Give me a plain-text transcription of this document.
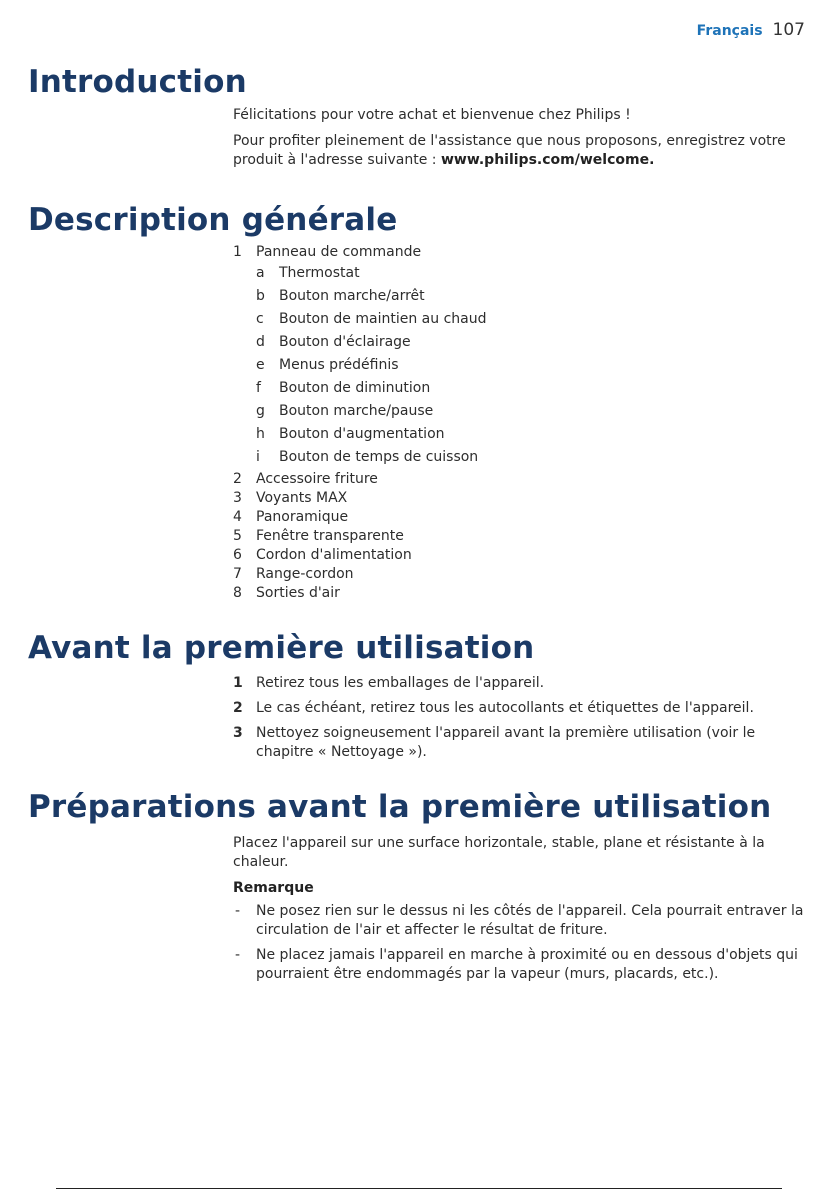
Français 107
Introduction

Félicitations pour votre achat et bienvenue chez Philips !

Pour profiter pleinement de l'assistance que nous proposons, enregistrez votre produit à l'adresse suivante : www.philips.com/welcome.

Description générale
1	Panneau de commande
a	Thermostat
b	Bouton marche/arrêt
c	Bouton de maintien au chaud
d	Bouton d'éclairage
e	Menus prédéfinis
f	Bouton de diminution
g	Bouton marche/pause
h	Bouton d'augmentation
i	Bouton de temps de cuisson
2	Accessoire friture
3	Voyants MAX
4	Panoramique
5	Fenêtre transparente
6	Cordon d'alimentation
7	Range-cordon
8	Sorties d'air
Avant la première utilisation
1 Retirez tous les emballages de l'appareil.
2 Le cas échéant, retirez tous les autocollants et étiquettes de l'appareil.
3 Nettoyez soigneusement l'appareil avant la première utilisation (voir le chapitre « Nettoyage »).
Préparations avant la première utilisation

Placez l'appareil sur une surface horizontale, stable, plane et résistante à la chaleur.

Remarque

-	Ne posez rien sur le dessus ni les côtés de l'appareil. Cela pourrait entraver la circulation de l'air et affecter le résultat de friture.
-	Ne placez jamais l'appareil en marche à proximité ou en dessous d'objets qui pourraient être endommagés par la vapeur (murs, placards, etc.).
